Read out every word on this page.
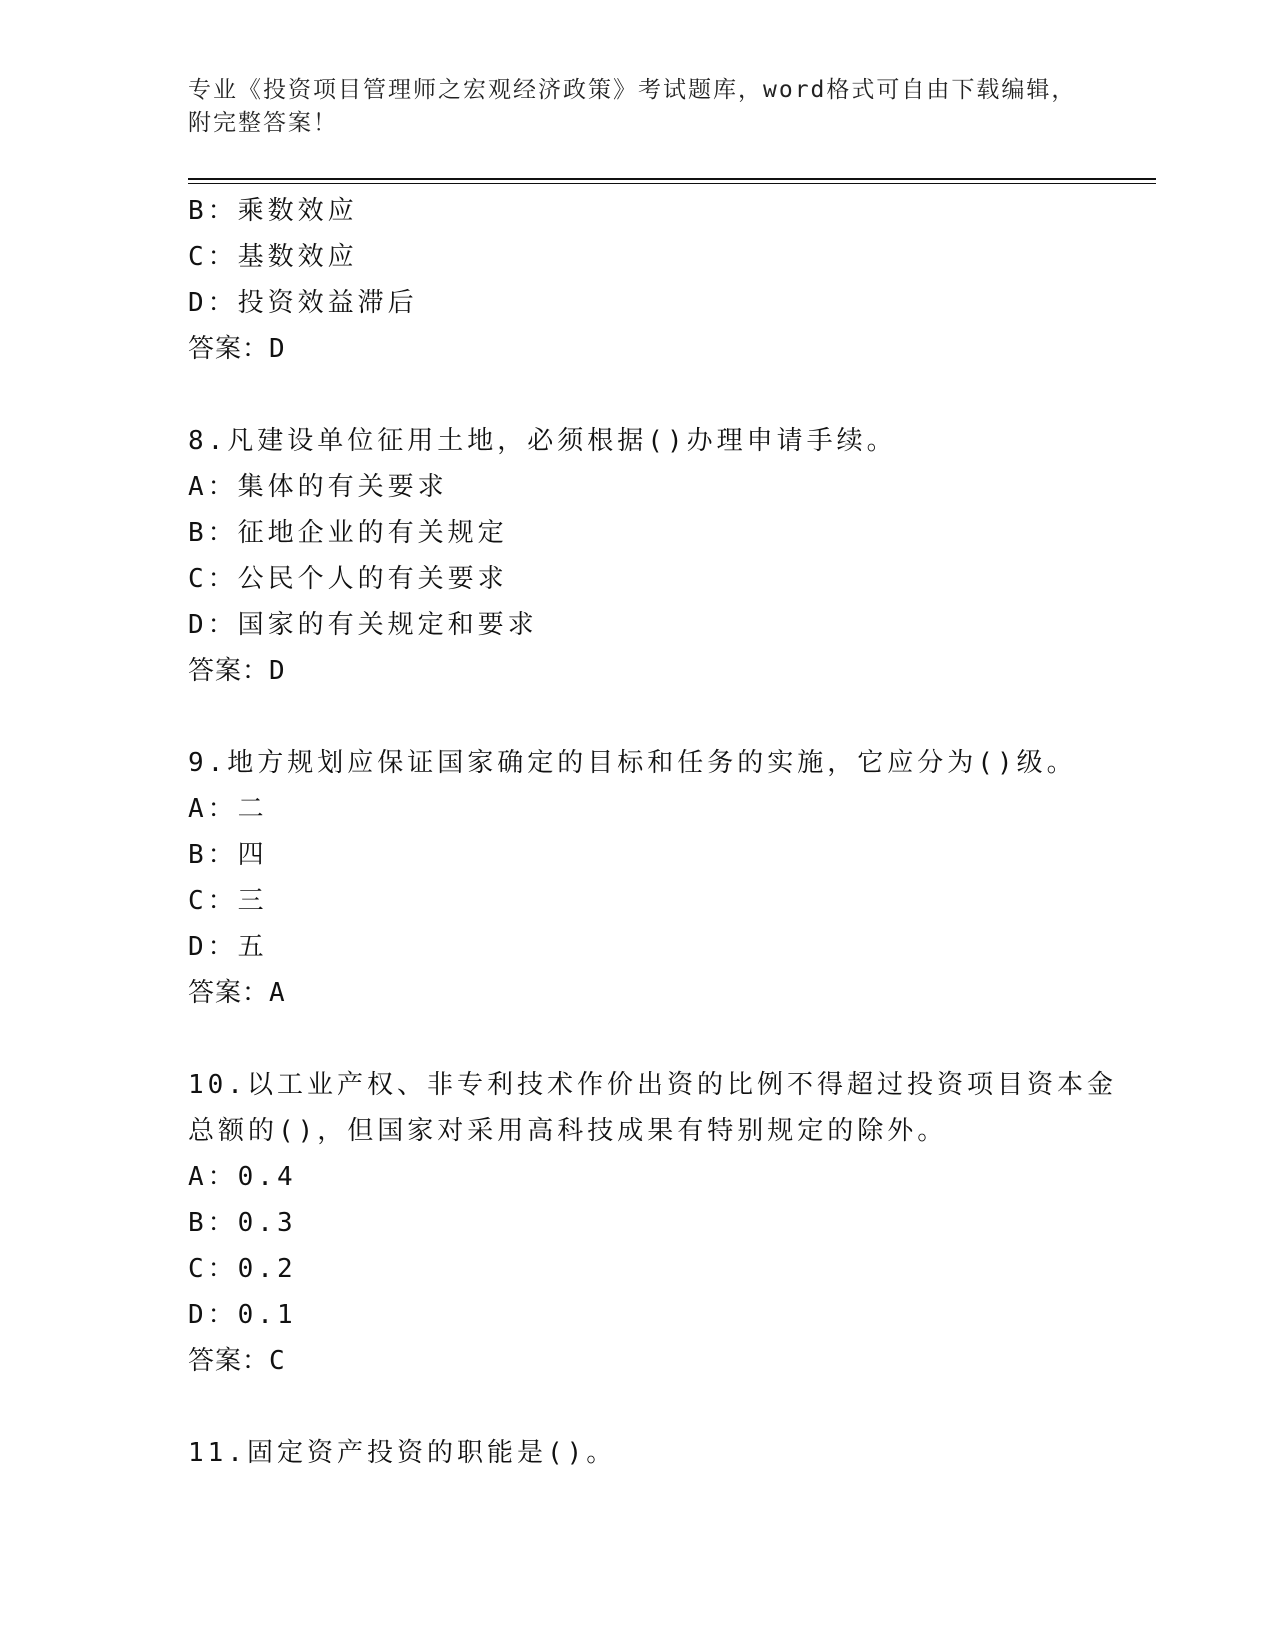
专业《投资项目管理师之宏观经济政策》考试题库，word格式可自由下载编辑，
附完整答案！
B：乘数效应
C：基数效应
D：投资效益滞后
答案：D
8.凡建设单位征用土地，必须根据()办理申请手续。
A：集体的有关要求
B：征地企业的有关规定
C：公民个人的有关要求
D：国家的有关规定和要求
答案：D
9.地方规划应保证国家确定的目标和任务的实施，它应分为()级。
A：二
B：四
C：三
D：五
答案：A
10.以工业产权、非专利技术作价出资的比例不得超过投资项目资本金
总额的()，但国家对采用高科技成果有特别规定的除外。
A：0.4
B：0.3
C：0.2
D：0.1
答案：C
11.固定资产投资的职能是()。
